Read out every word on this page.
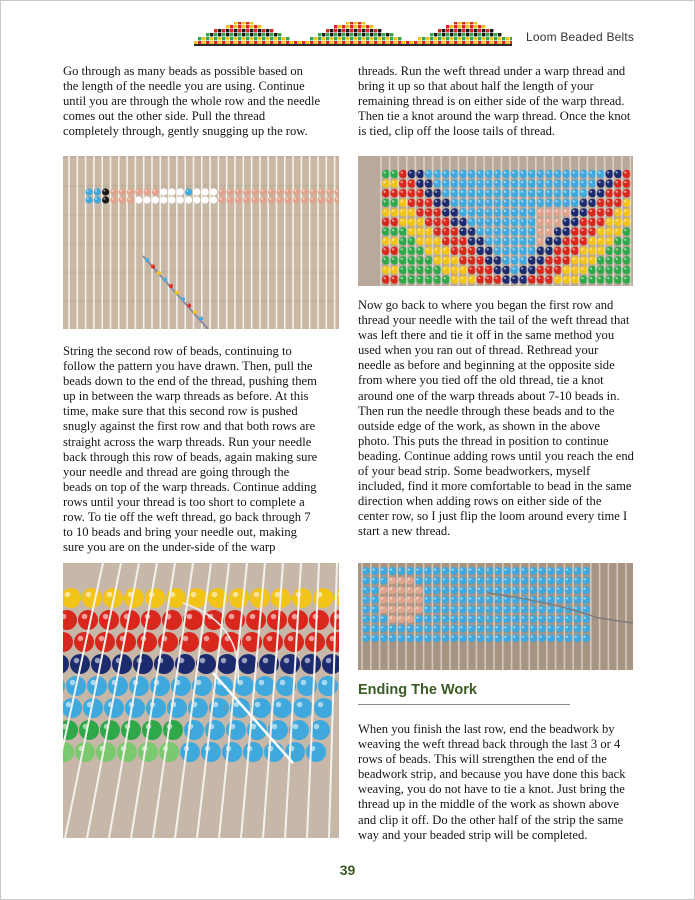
Loom Beaded Belts
Go through as many beads as possible based on the length of the needle you are using. Continue until you are through the whole row and the needle comes out the other side. Pull the thread completely through, gently snugging up the row.
String the second row of beads, continuing to follow the pattern you have drawn. Then, pull the beads down to the end of the thread, pushing them up in between the warp threads as before. At this time, make sure that this second row is pushed snugly against the first row and that both rows are straight across the warp threads. Run your needle back through this row of beads, again making sure your needle and thread are going through the beads on top of the warp threads. Continue adding rows until your thread is too short to complete a row. To tie off the weft thread, go back through 7 to 10 beads and bring your needle out, making sure you are on the under-side of the warp
threads. Run the weft thread under a warp thread and bring it up so that about half the length of your remaining thread is on either side of the warp thread. Then tie a knot around the warp thread. Once the knot is tied, clip off the loose tails of thread.
Now go back to where you began the first row and thread your needle with the tail of the weft thread that was left there and tie it off in the same method you used when you ran out of thread. Rethread your needle as before and beginning at the opposite side from where you tied off the old thread, tie a knot around one of the warp threads about 7-10 beads in. Then run the needle through these beads and to the outside edge of the work, as shown in the above photo. This puts the thread in position to continue beading. Continue adding rows until you reach the end of your bead strip. Some beadworkers, myself included, find it more comfortable to bead in the same direction when adding rows on either side of the center row, so I just flip the loom around every time I start a new thread.
Ending The Work
When you finish the last row, end the beadwork by weaving the weft thread back through the last 3 or 4 rows of beads. This will strengthen the end of the beadwork strip, and because you have done this back weaving, you do not have to tie a knot. Just bring the thread up in the middle of the work as shown above and clip it off. Do the other half of the strip the same way and your beaded strip will be completed.
39
